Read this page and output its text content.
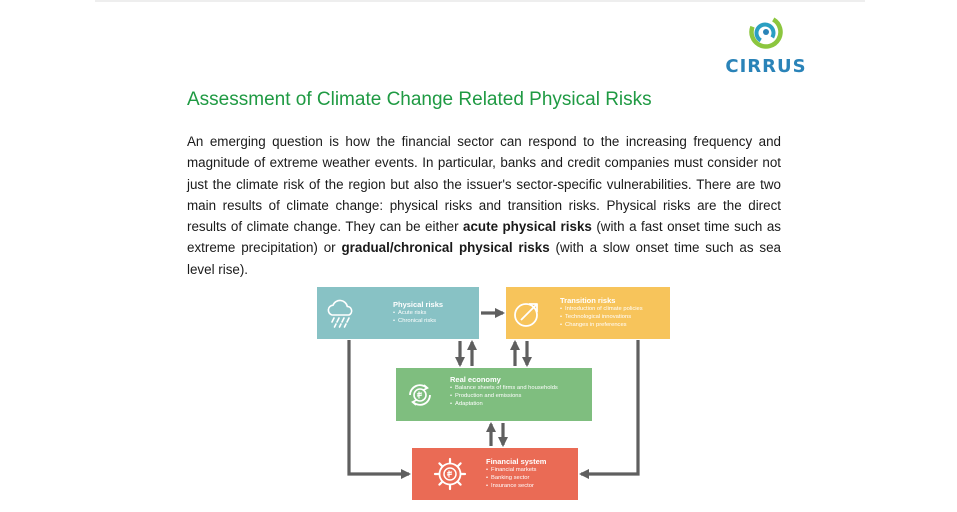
CIRRUS
Assessment of Climate Change Related Physical Risks

An emerging question is how the financial sector can respond to the increasing frequency and magnitude of extreme weather events. In particular, banks and credit companies must consider not just the climate risk of the region but also the issuer's sector-specific vulnerabilities. There are two main results of climate change: physical risks and transition risks. Physical risks are the direct results of climate change. They can be either acute physical risks (with a fast onset time such as extreme precipitation) or gradual/chronical physical risks (with a slow onset time such as sea level rise).

Physical risks
• Acute risks
• Chronical risks
Transition risks
• Introduction of climate policies
• Technological innovations
• Changes in preferences
Real economy
• Balance sheets of firms and households
• Production and emissions
• Adaptation
Financial system
• Financial markets
• Banking sector
• Insurance sector
